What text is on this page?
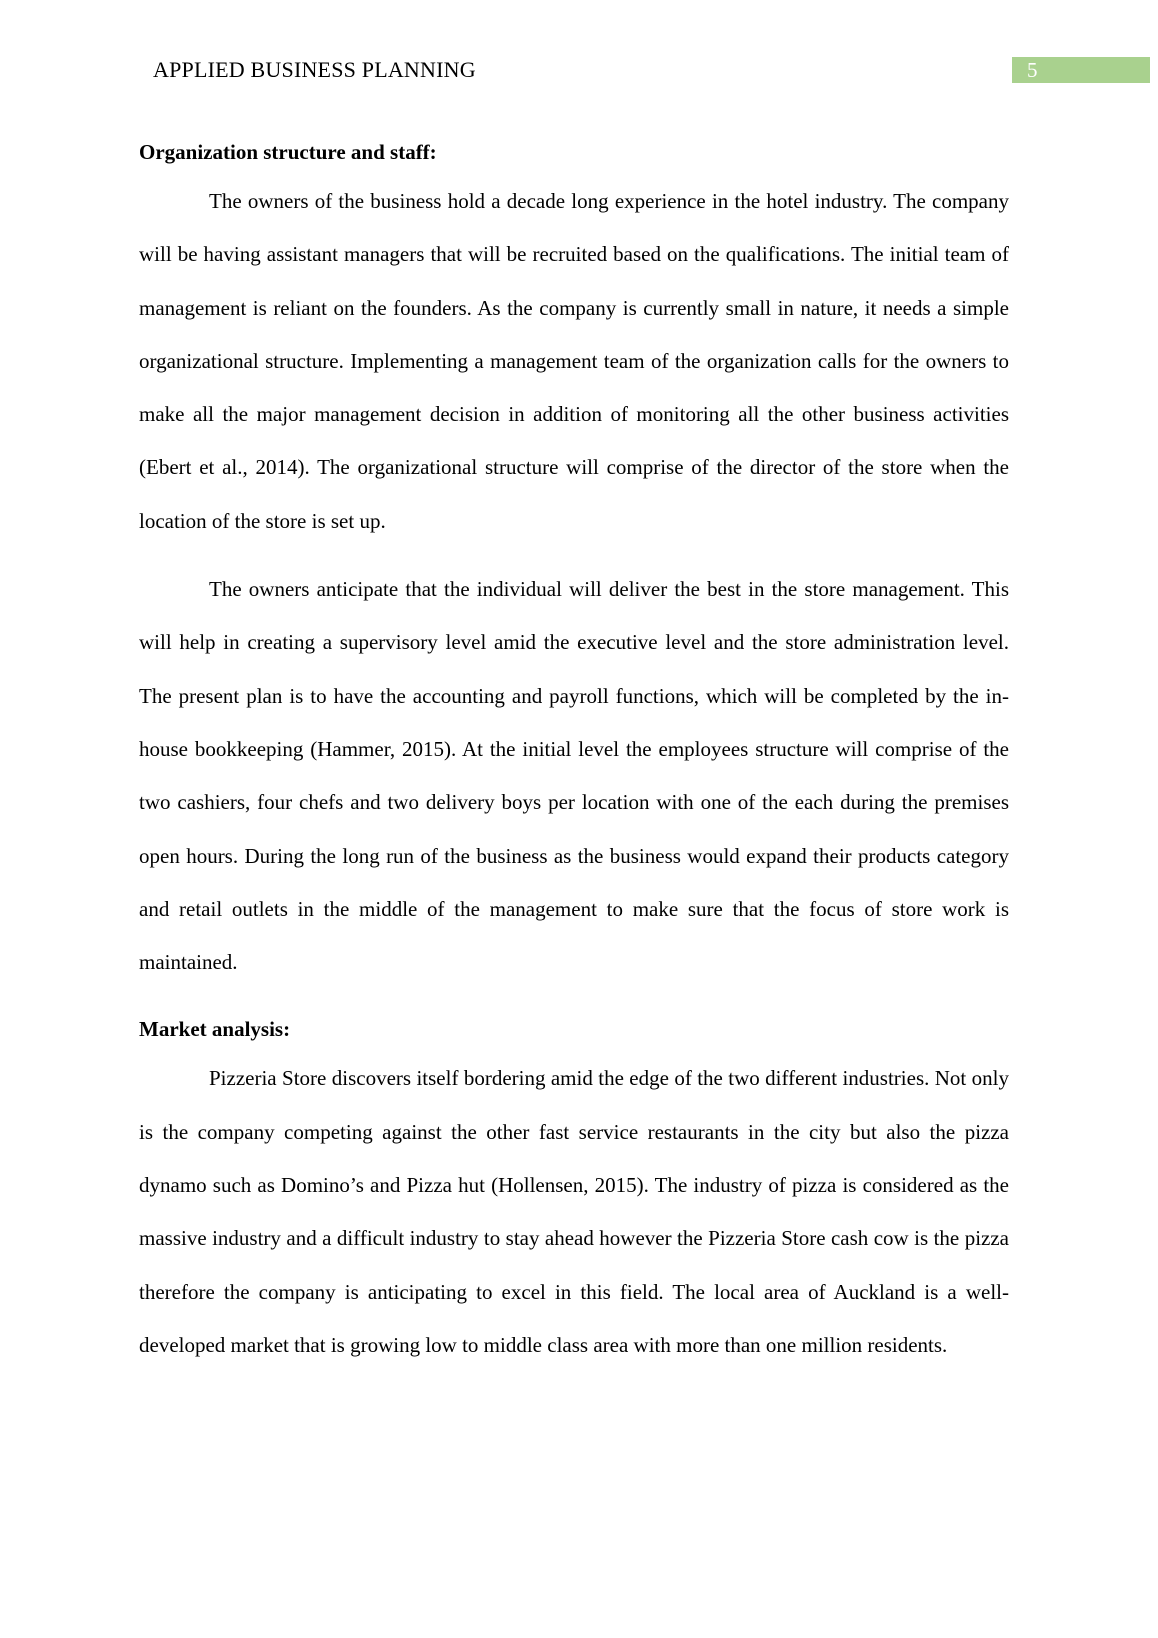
APPLIED BUSINESS PLANNING	5

Organization structure and staff:

The owners of the business hold a decade long experience in the hotel industry. The company will be having assistant managers that will be recruited based on the qualifications. The initial team of management is reliant on the founders. As the company is currently small in nature, it needs a simple organizational structure. Implementing a management team of the organization calls for the owners to make all the major management decision in addition of monitoring all the other business activities (Ebert et al., 2014). The organizational structure will comprise of the director of the store when the location of the store is set up.

The owners anticipate that the individual will deliver the best in the store management. This will help in creating a supervisory level amid the executive level and the store administration level. The present plan is to have the accounting and payroll functions, which will be completed by the in-house bookkeeping (Hammer, 2015). At the initial level the employees structure will comprise of the two cashiers, four chefs and two delivery boys per location with one of the each during the premises open hours. During the long run of the business as the business would expand their products category and retail outlets in the middle of the management to make sure that the focus of store work is maintained.

Market analysis:

Pizzeria Store discovers itself bordering amid the edge of the two different industries. Not only is the company competing against the other fast service restaurants in the city but also the pizza dynamo such as Domino’s and Pizza hut (Hollensen, 2015). The industry of pizza is considered as the massive industry and a difficult industry to stay ahead however the Pizzeria Store cash cow is the pizza therefore the company is anticipating to excel in this field. The local area of Auckland is a well-developed market that is growing low to middle class area with more than one million residents.
